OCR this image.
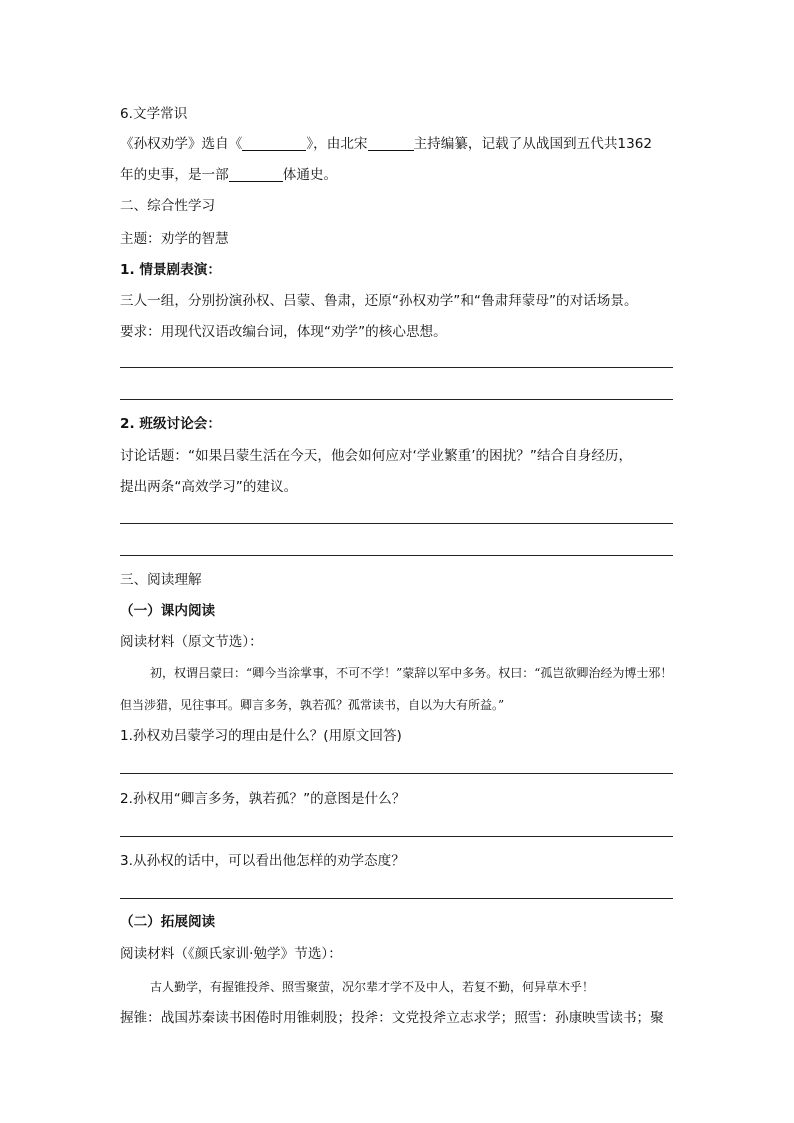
6.文学常识
《孙权劝学》选自《	》，由北宋	主持编纂，记载了从战国到五代共1362
年的史事，是一部	体通史。
二、综合性学习
主题：劝学的智慧
1. 情景剧表演：
三人一组，分别扮演孙权、吕蒙、鲁肃，还原“孙权劝学”和“鲁肃拜蒙母”的对话场景。
要求：用现代汉语改编台词，体现“劝学”的核心思想。
2. 班级讨论会：
讨论话题：“如果吕蒙生活在今天，他会如何应对‘学业繁重’的困扰？”结合自身经历，
提出两条“高效学习”的建议。
三、阅读理解
（一）课内阅读
阅读材料（原文节选）：
初，权谓吕蒙曰：“卿今当涂掌事，不可不学！”蒙辞以军中多务。权曰：“孤岂欲卿治经为博士邪！但当涉猎，见往事耳。卿言多务，孰若孤？孤常读书，自以为大有所益。”
1.孙权劝吕蒙学习的理由是什么？(用原文回答)
2.孙权用“卿言多务，孰若孤？”的意图是什么？
3.从孙权的话中，可以看出他怎样的劝学态度？
（二）拓展阅读
阅读材料（《颜氏家训·勉学》节选）：
古人勤学，有握锥投斧、照雪聚萤，况尔辈才学不及中人，若复不勤，何异草木乎！
握锥：战国苏秦读书困倦时用锥刺股；投斧：文党投斧立志求学；照雪：孙康映雪读书；聚
